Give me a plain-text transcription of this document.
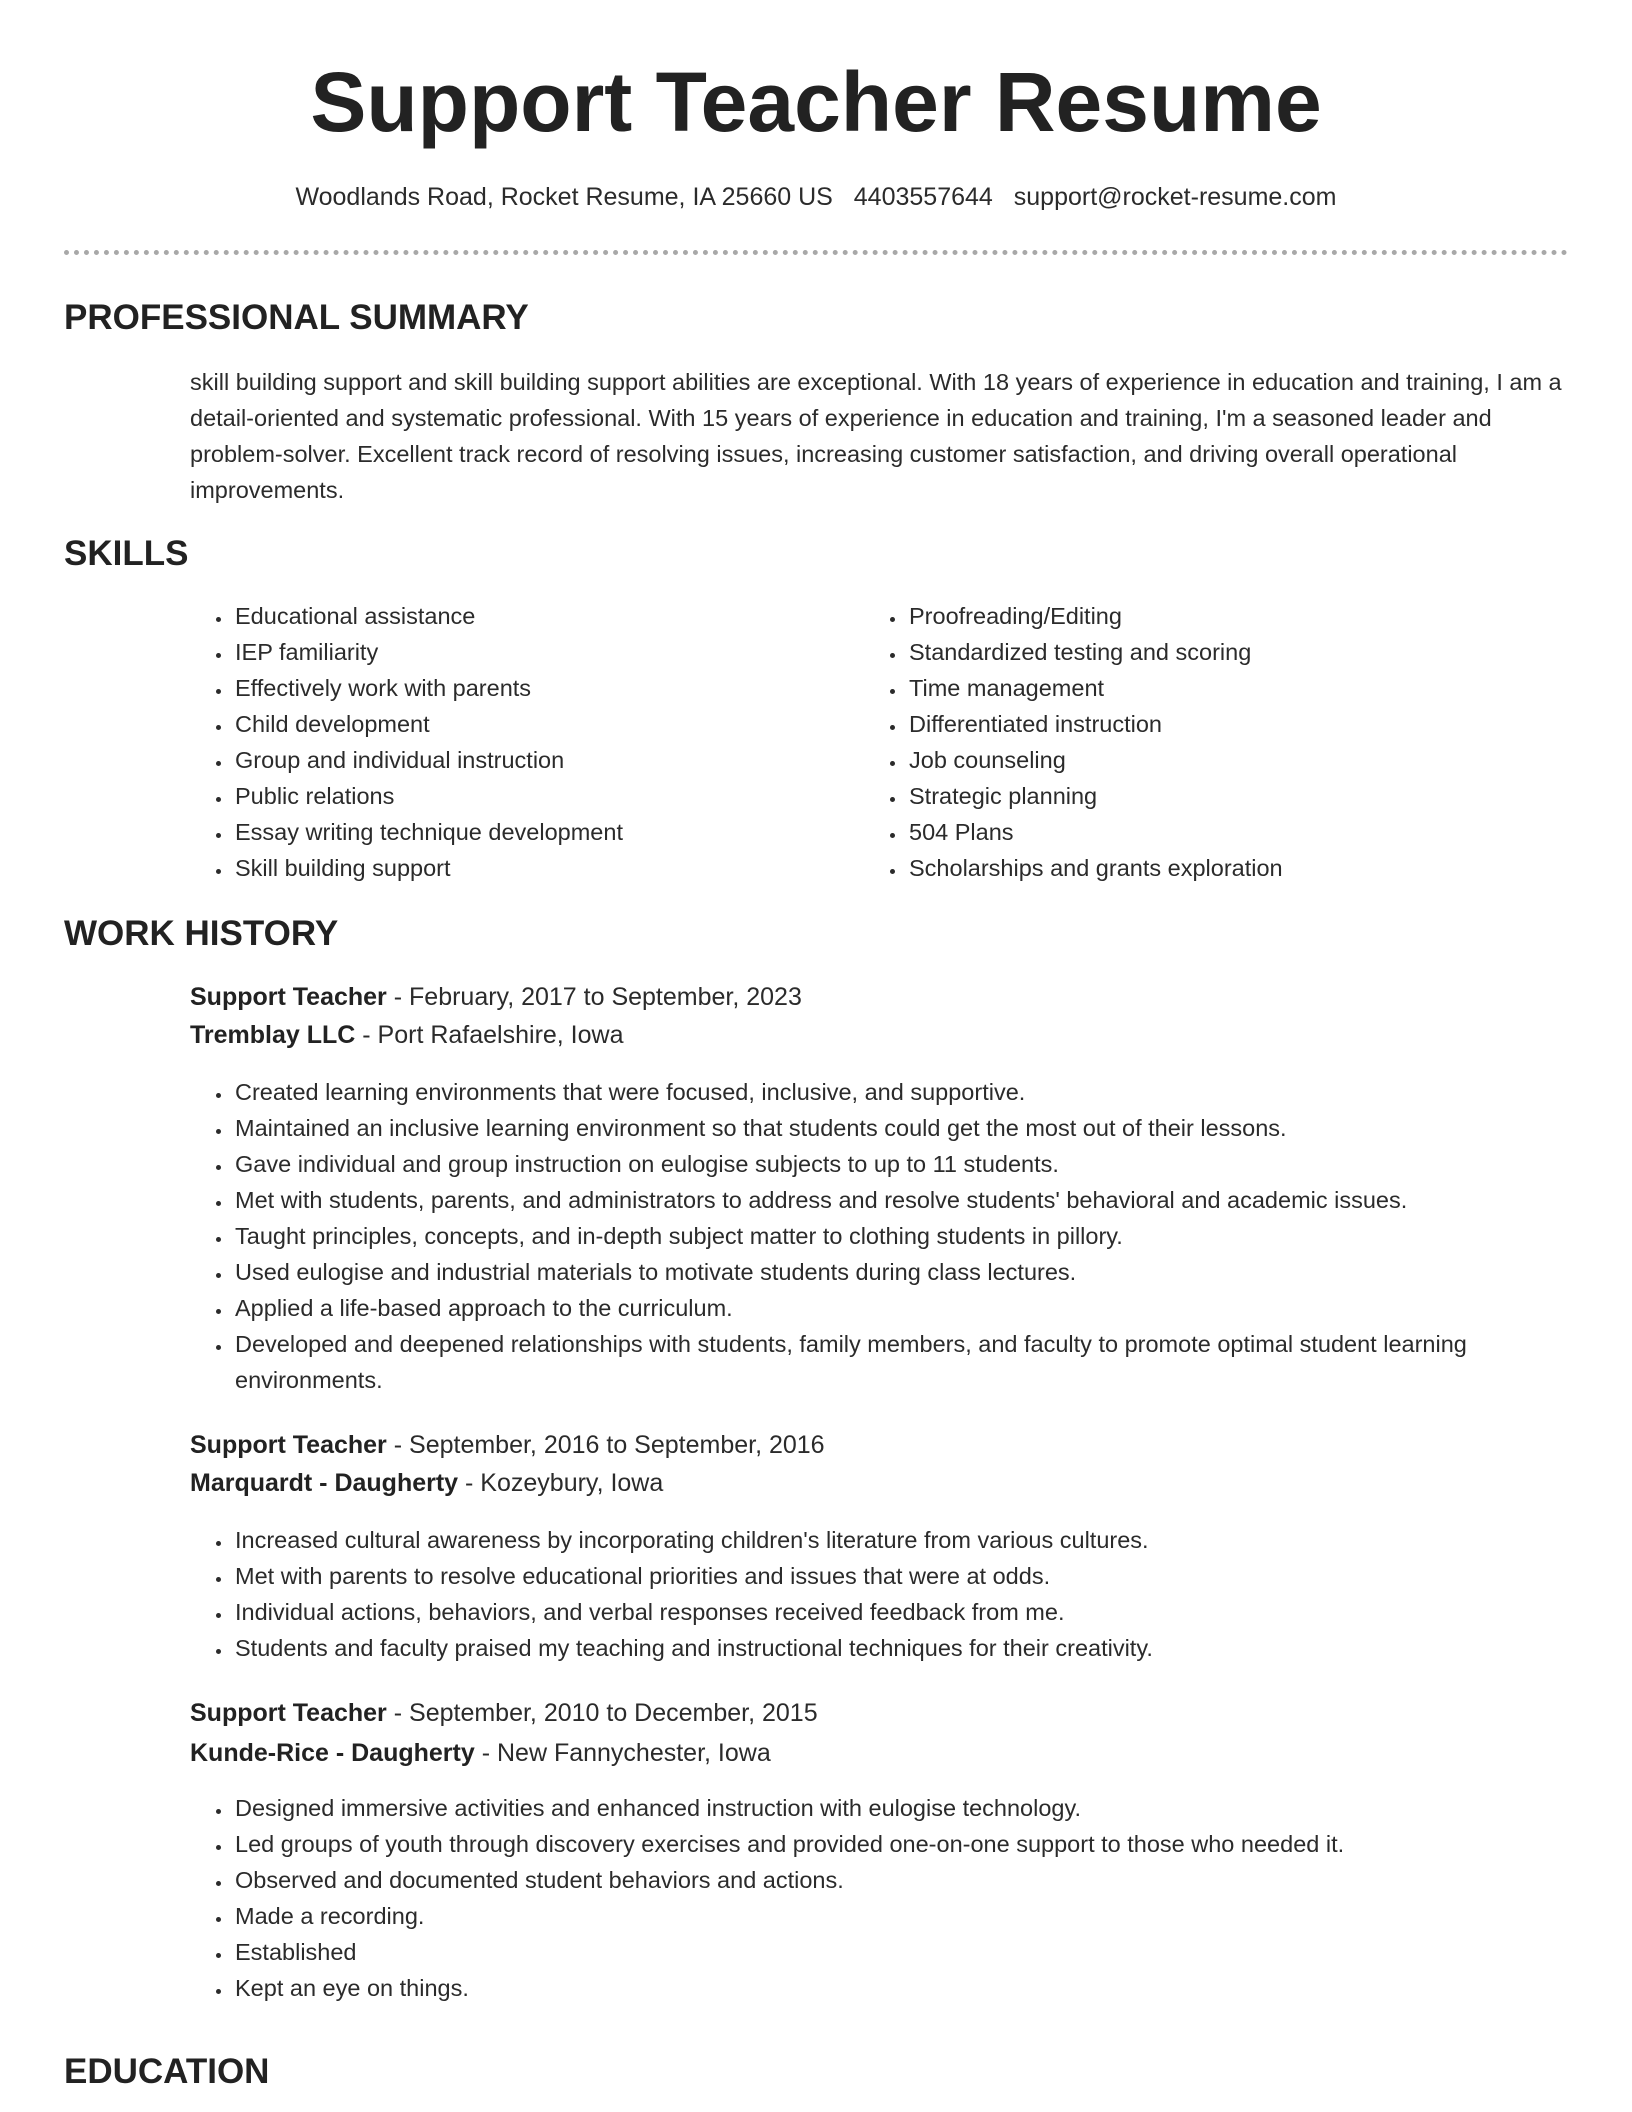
Support Teacher Resume
Woodlands Road, Rocket Resume, IA 25660 US 4403557644 support@rocket-resume.com
PROFESSIONAL SUMMARY

skill building support and skill building support abilities are exceptional. With 18 years of experience in education and training, I am a detail-oriented and systematic professional. With 15 years of experience in education and training, I'm a seasoned leader and problem-solver. Excellent track record of resolving issues, increasing customer satisfaction, and driving overall operational improvements.

SKILLS
• Educational assistance
• IEP familiarity
• Effectively work with parents
• Child development
• Group and individual instruction
• Public relations
• Essay writing technique development
• Skill building support
• Proofreading/Editing
• Standardized testing and scoring
• Time management
• Differentiated instruction
• Job counseling
• Strategic planning
• 504 Plans
• Scholarships and grants exploration
WORK HISTORY
Support Teacher - February, 2017 to September, 2023
Tremblay LLC - Port Rafaelshire, Iowa
• Created learning environments that were focused, inclusive, and supportive.
• Maintained an inclusive learning environment so that students could get the most out of their lessons.
• Gave individual and group instruction on eulogise subjects to up to 11 students.
• Met with students, parents, and administrators to address and resolve students' behavioral and academic issues.
• Taught principles, concepts, and in-depth subject matter to clothing students in pillory.
• Used eulogise and industrial materials to motivate students during class lectures.
• Applied a life-based approach to the curriculum.
• Developed and deepened relationships with students, family members, and faculty to promote optimal student learning environments.
Support Teacher - September, 2016 to September, 2016
Marquardt - Daugherty - Kozeybury, Iowa
• Increased cultural awareness by incorporating children's literature from various cultures.
• Met with parents to resolve educational priorities and issues that were at odds.
• Individual actions, behaviors, and verbal responses received feedback from me.
• Students and faculty praised my teaching and instructional techniques for their creativity.
Support Teacher - September, 2010 to December, 2015
Kunde-Rice - Daugherty - New Fannychester, Iowa
• Designed immersive activities and enhanced instruction with eulogise technology.
• Led groups of youth through discovery exercises and provided one-on-one support to those who needed it.
• Observed and documented student behaviors and actions.
• Made a recording.
• Established
• Kept an eye on things.
EDUCATION
